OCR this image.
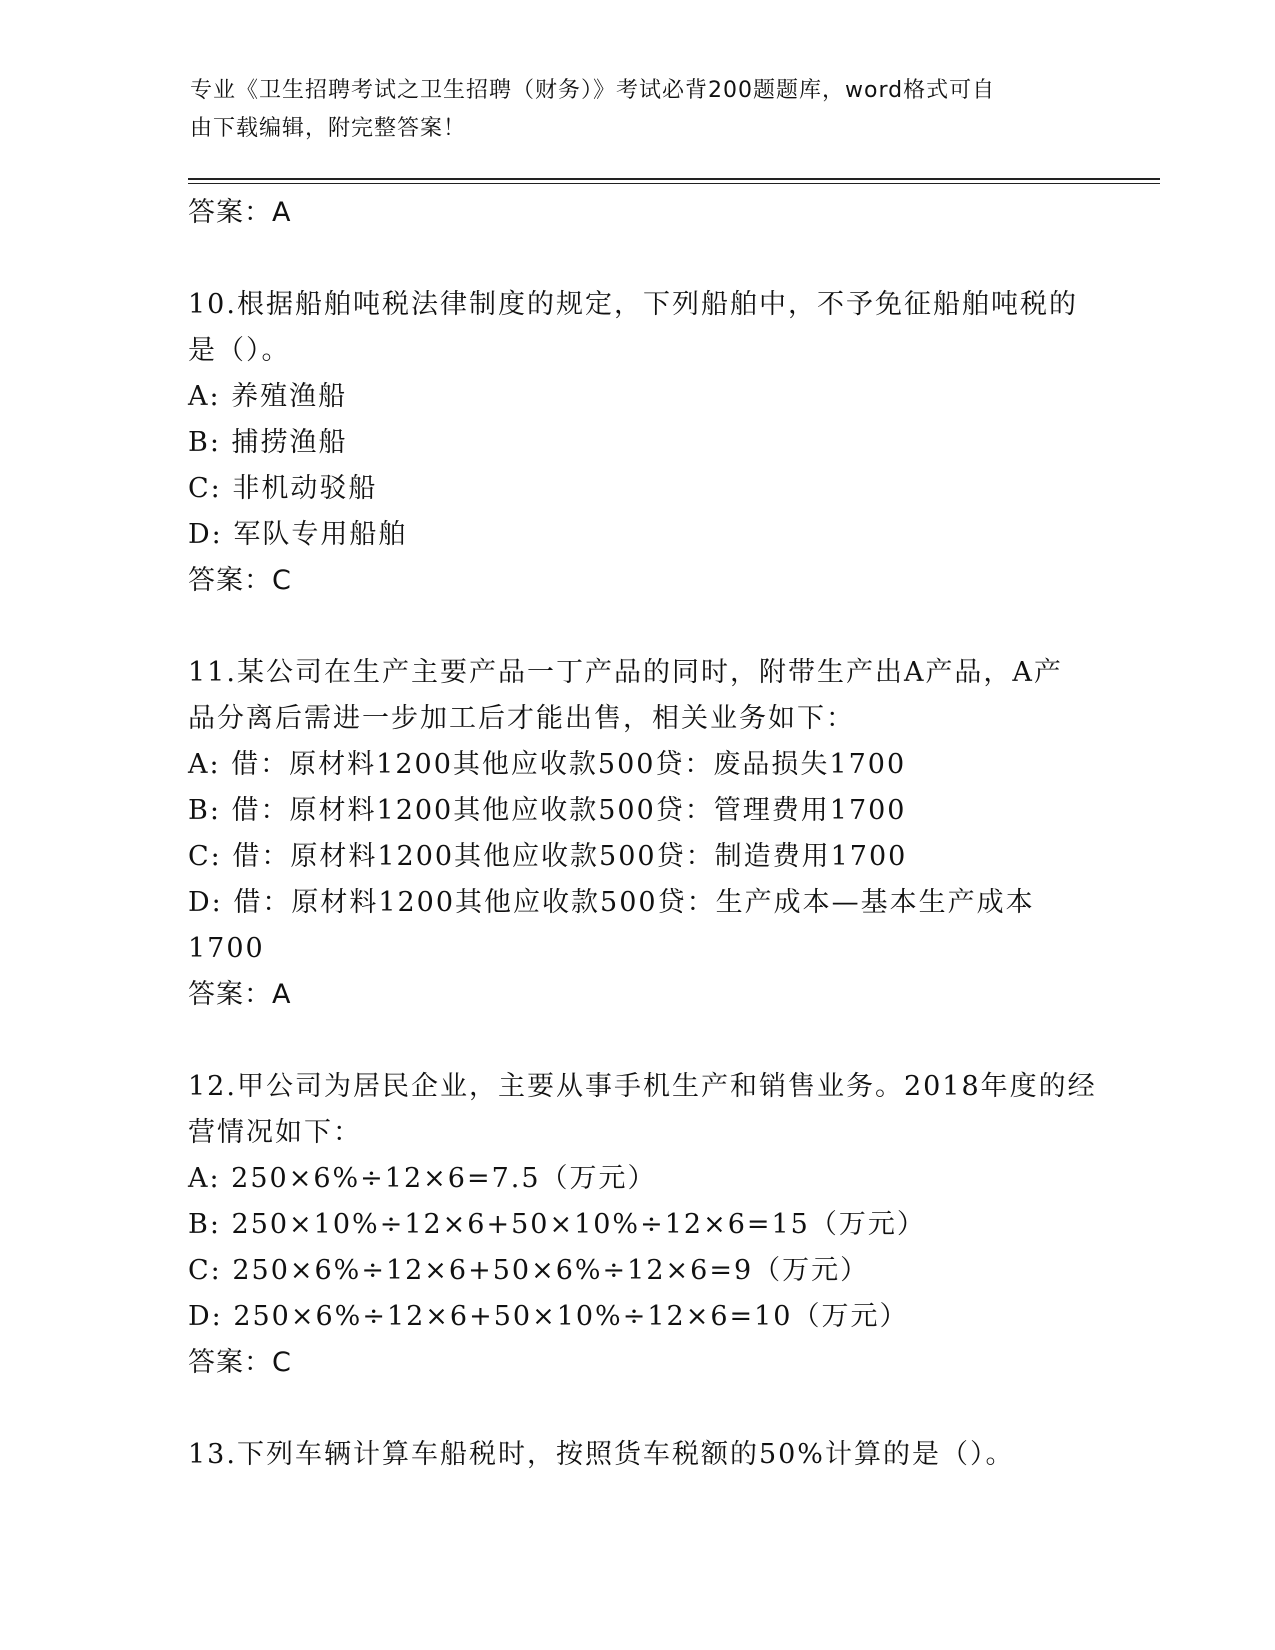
专业《卫生招聘考试之卫生招聘（财务）》考试必背200题题库，word格式可自
由下载编辑，附完整答案！
答案：A
10.根据船舶吨税法律制度的规定，下列船舶中，不予免征船舶吨税的
是（）。
A: 养殖渔船
B: 捕捞渔船
C: 非机动驳船
D: 军队专用船舶
答案：C
11.某公司在生产主要产品一丁产品的同时，附带生产出A产品，A产
品分离后需进一步加工后才能出售，相关业务如下：
A: 借：原材料1200其他应收款500贷：废品损失1700
B: 借：原材料1200其他应收款500贷：管理费用1700
C: 借：原材料1200其他应收款500贷：制造费用1700
D: 借：原材料1200其他应收款500贷：生产成本—基本生产成本
1700
答案：A
12.甲公司为居民企业，主要从事手机生产和销售业务。2018年度的经
营情况如下：
A: 250×6%÷12×6=7.5（万元）
B: 250×10%÷12×6+50×10%÷12×6=15（万元）
C: 250×6%÷12×6+50×6%÷12×6=9（万元）
D: 250×6%÷12×6+50×10%÷12×6=10（万元）
答案：C
13.下列车辆计算车船税时，按照货车税额的50%计算的是（）。
